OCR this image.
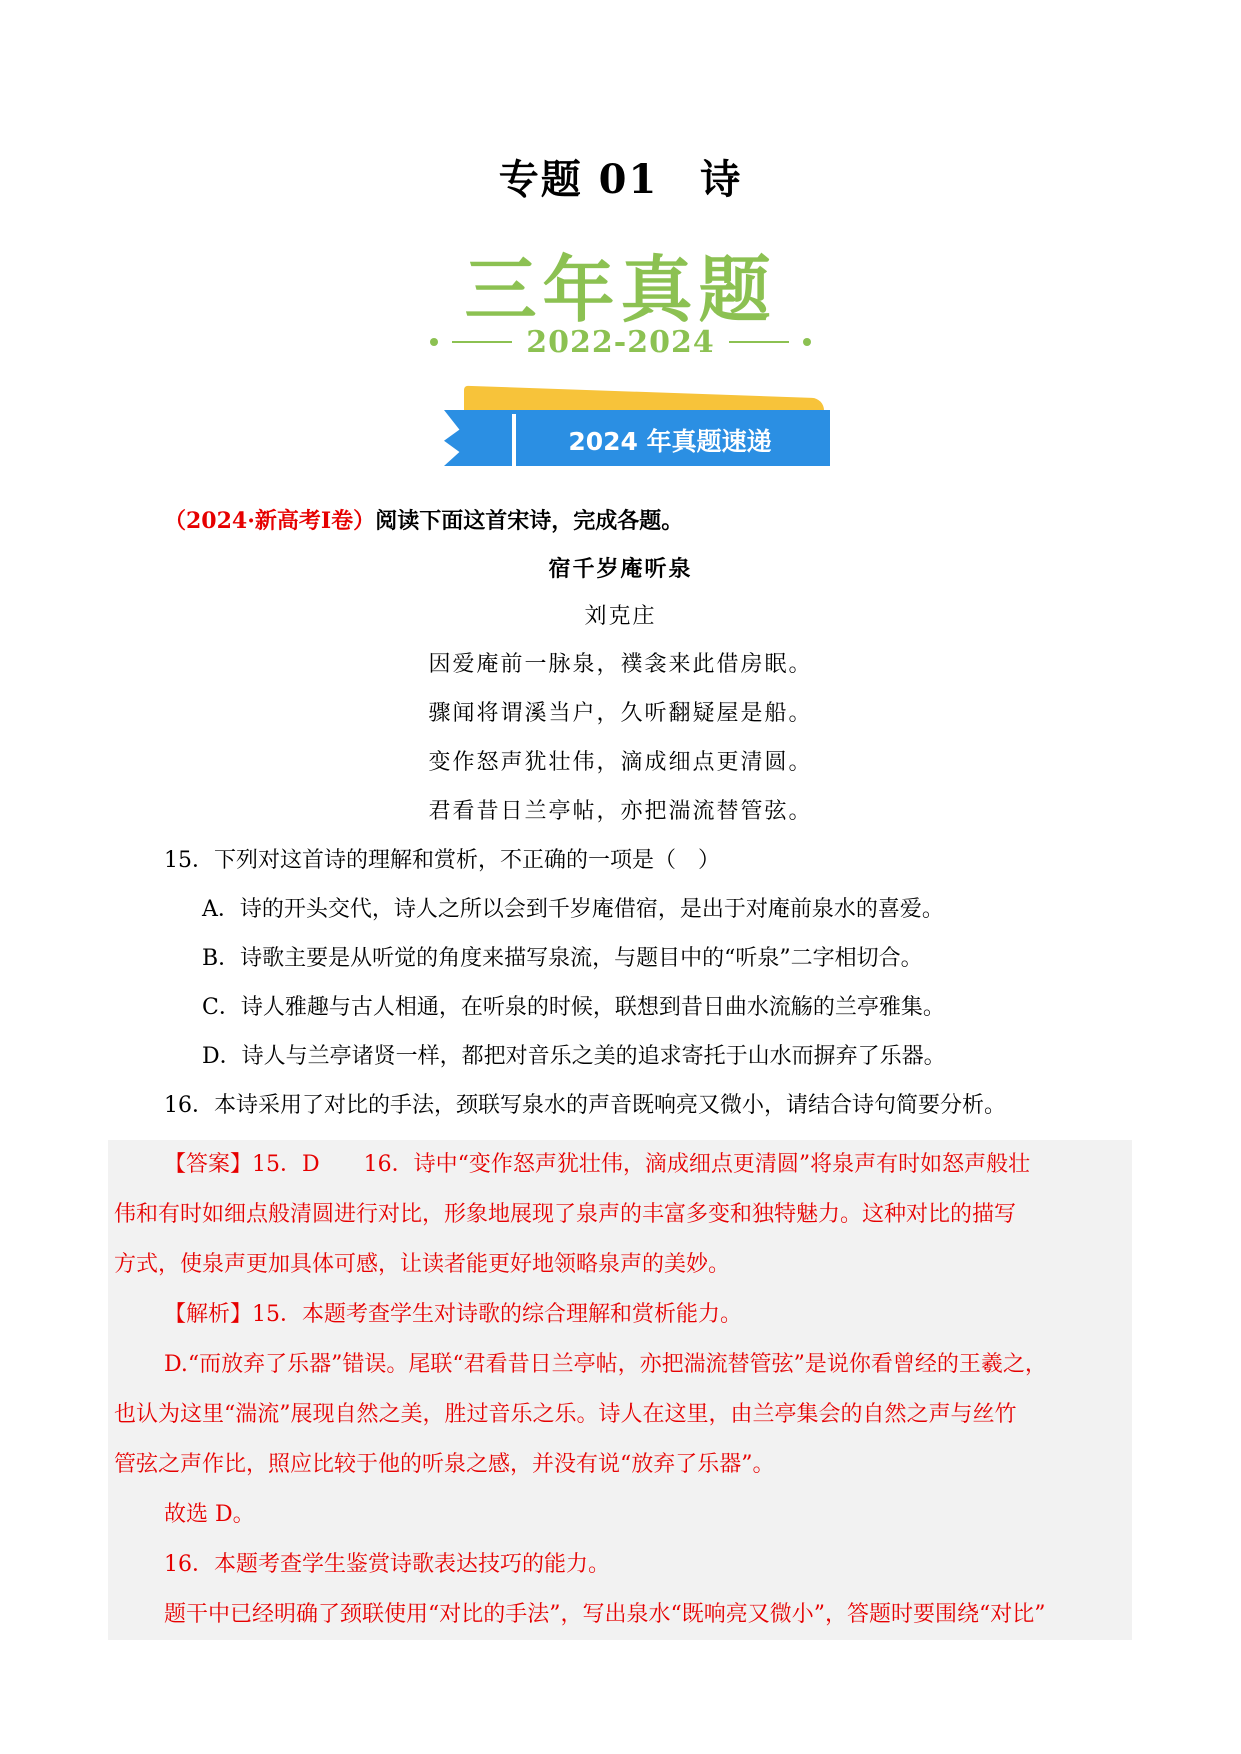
专题 01　诗
三年真题
2022-2024
2024 年真题速递
（2024·新高考Ⅰ卷）阅读下面这首宋诗，完成各题。
宿千岁庵听泉
刘克庄
因爱庵前一脉泉，襆衾来此借房眠。
骤闻将谓溪当户，久听翻疑屋是船。
变作怒声犹壮伟，滴成细点更清圆。
君看昔日兰亭帖，亦把湍流替管弦。
15．下列对这首诗的理解和赏析，不正确的一项是（　）
A．诗的开头交代，诗人之所以会到千岁庵借宿，是出于对庵前泉水的喜爱。
B．诗歌主要是从听觉的角度来描写泉流，与题目中的“听泉”二字相切合。
C．诗人雅趣与古人相通，在听泉的时候，联想到昔日曲水流觞的兰亭雅集。
D．诗人与兰亭诸贤一样，都把对音乐之美的追求寄托于山水而摒弃了乐器。
16．本诗采用了对比的手法，颈联写泉水的声音既响亮又微小，请结合诗句简要分析。
【答案】15．D　　16．诗中“变作怒声犹壮伟，滴成细点更清圆”将泉声有时如怒声般壮
伟和有时如细点般清圆进行对比，形象地展现了泉声的丰富多变和独特魅力。这种对比的描写
方式，使泉声更加具体可感，让读者能更好地领略泉声的美妙。
【解析】15．本题考查学生对诗歌的综合理解和赏析能力。
D.“而放弃了乐器”错误。尾联“君看昔日兰亭帖，亦把湍流替管弦”是说你看曾经的王羲之，
也认为这里“湍流”展现自然之美，胜过音乐之乐。诗人在这里，由兰亭集会的自然之声与丝竹
管弦之声作比，照应比较于他的听泉之感，并没有说“放弃了乐器”。
故选 D。
16．本题考查学生鉴赏诗歌表达技巧的能力。
题干中已经明确了颈联使用“对比的手法”，写出泉水“既响亮又微小”，答题时要围绕“对比”
